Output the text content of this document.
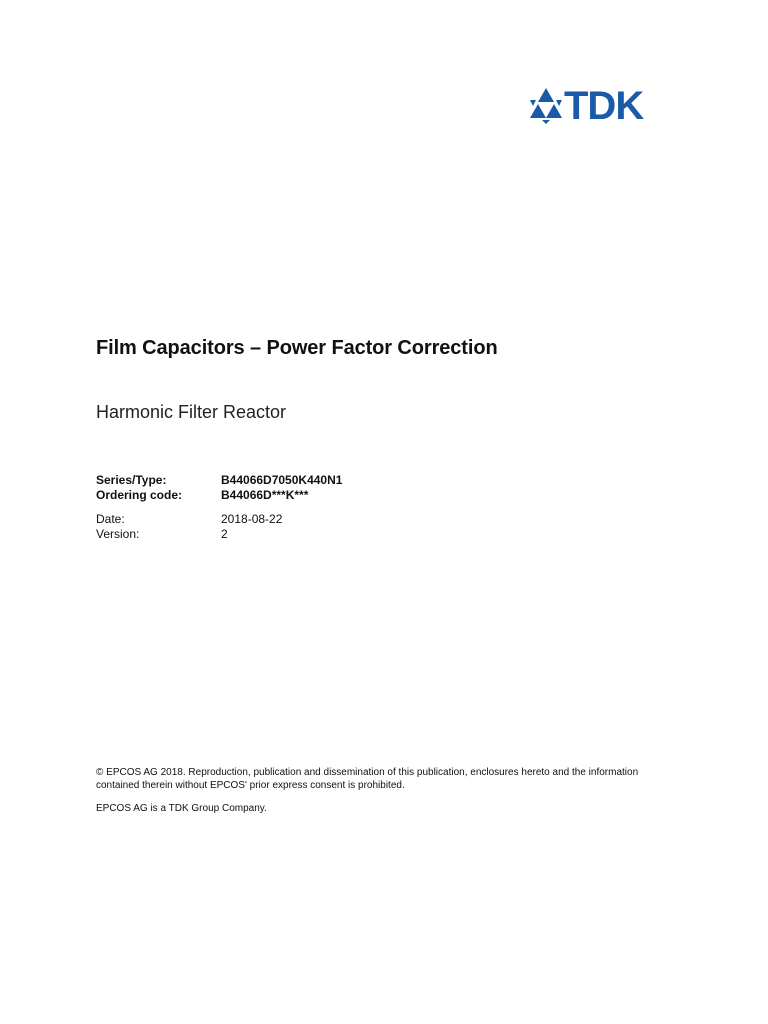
TDK
Film Capacitors – Power Factor Correction
Harmonic Filter Reactor
Series/Type:	B44066D7050K440N1
Ordering code:	B44066D***K***
Date:	2018-08-22
Version:	2

© EPCOS AG 2018. Reproduction, publication and dissemination of this publication, enclosures hereto and the information

contained therein without EPCOS' prior express consent is prohibited.

EPCOS AG is a TDK Group Company.
